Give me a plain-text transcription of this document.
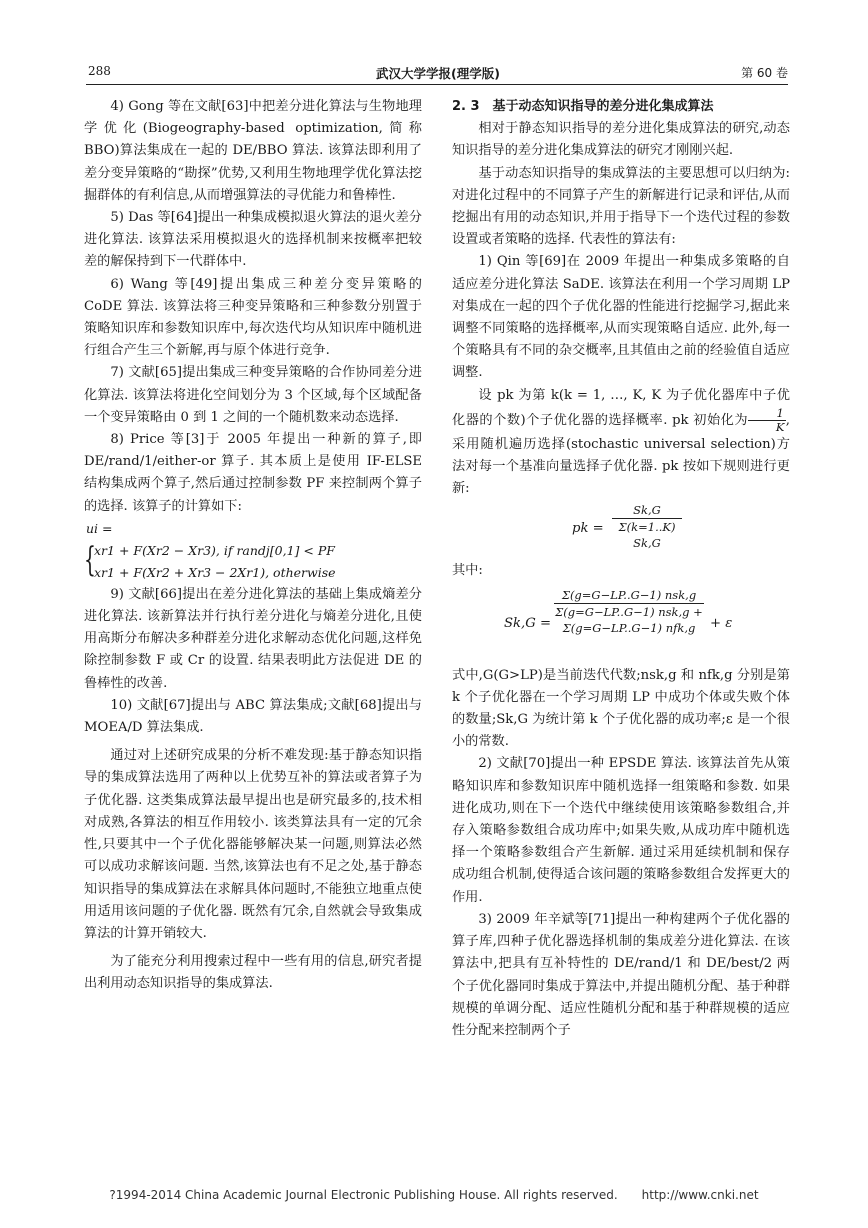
288	武汉大学学报(理学版)	第 60 卷

4) Gong 等在文献[63]中把差分进化算法与生物地理学优化(Biogeography-based optimization,简称 BBO)算法集成在一起的 DE/BBO 算法. 该算法即利用了差分变异策略的“勘探”优势,又利用生物地理学优化算法挖掘群体的有利信息,从而增强算法的寻优能力和鲁棒性.

5) Das 等[64]提出一种集成模拟退火算法的退火差分进化算法. 该算法采用模拟退火的选择机制来按概率把较差的解保持到下一代群体中.

6) Wang 等[49]提出集成三种差分变异策略的 CoDE 算法. 该算法将三种变异策略和三种参数分别置于策略知识库和参数知识库中,每次迭代均从知识库中随机进行组合产生三个新解,再与原个体进行竞争.

7) 文献[65]提出集成三种变异策略的合作协同差分进化算法. 该算法将进化空间划分为 3 个区域,每个区域配备一个变异策略由 0 到 1 之间的一个随机数来动态选择.

8) Price 等[3]于 2005 年提出一种新的算子,即 DE/rand/1/either-or 算子. 其本质上是使用 IF-ELSE 结构集成两个算子,然后通过控制参数 PF 来控制两个算子的选择. 该算子的计算如下:

ui =
{
xr1 + F(Xr2 − Xr3), if randj[0,1] < PF
xr1 + F(Xr2 + Xr3 − 2Xr1), otherwise

9) 文献[66]提出在差分进化算法的基础上集成熵差分进化算法. 该新算法并行执行差分进化与熵差分进化,且使用高斯分布解决多种群差分进化求解动态优化问题,这样免除控制参数 F 或 Cr 的设置. 结果表明此方法促进 DE 的鲁棒性的改善.

10) 文献[67]提出与 ABC 算法集成;文献[68]提出与 MOEA/D 算法集成.

通过对上述研究成果的分析不难发现:基于静态知识指导的集成算法选用了两种以上优势互补的算法或者算子为子优化器. 这类集成算法最早提出也是研究最多的,技术相对成熟,各算法的相互作用较小. 该类算法具有一定的冗余性,只要其中一个子优化器能够解决某一问题,则算法必然可以成功求解该问题. 当然,该算法也有不足之处,基于静态知识指导的集成算法在求解具体问题时,不能独立地重点使用适用该问题的子优化器. 既然有冗余,自然就会导致集成算法的计算开销较大.

为了能充分利用搜索过程中一些有用的信息,研究者提出利用动态知识指导的集成算法.

2. 3　基于动态知识指导的差分进化集成算法

相对于静态知识指导的差分进化集成算法的研究,动态知识指导的差分进化集成算法的研究才刚刚兴起.

基于动态知识指导的集成算法的主要思想可以归纳为:对进化过程中的不同算子产生的新解进行记录和评估,从而挖掘出有用的动态知识,并用于指导下一个迭代过程的参数设置或者策略的选择. 代表性的算法有:

1) Qin 等[69]在 2009 年提出一种集成多策略的自适应差分进化算法 SaDE. 该算法在利用一个学习周期 LP 对集成在一起的四个子优化器的性能进行挖掘学习,据此来调整不同策略的选择概率,从而实现策略自适应. 此外,每一个策略具有不同的杂交概率,且其值由之前的经验值自适应调整.

设 pk 为第 k(k = 1, …, K, K 为子优化器库中子优化器的个数)个子优化器的选择概率. pk 初始化为 $\frac{1}{K}$ ,采用随机遍历选择(stochastic universal selection)方法对每一个基准向量选择子优化器. pk 按如下规则进行更新:

pk = $\frac{Sk,G}{\Sigma(k=1..K) Sk,G}$

其中:

Sk,G =
Σ(g=G−LP..G−1) nsk,g
Σ(g=G−LP..G−1) nsk,g + Σ(g=G−LP..G−1) nfk,g	+ ε

式中,G(G>LP)是当前迭代代数;nsk,g 和 nfk,g 分别是第 k 个子优化器在一个学习周期 LP 中成功个体或失败个体的数量;Sk,G 为统计第 k 个子优化器的成功率;ε 是一个很小的常数.

2) 文献[70]提出一种 EPSDE 算法. 该算法首先从策略知识库和参数知识库中随机选择一组策略和参数. 如果进化成功,则在下一个迭代中继续使用该策略参数组合,并存入策略参数组合成功库中;如果失败,从成功库中随机选择一个策略参数组合产生新解. 通过采用延续机制和保存成功组合机制,使得适合该问题的策略参数组合发挥更大的作用.

3) 2009 年辛斌等[71]提出一种构建两个子优化器的算子库,四种子优化器选择机制的集成差分进化算法. 在该算法中,把具有互补特性的 DE/rand/1 和 DE/best/2 两个子优化器同时集成于算法中,并提出随机分配、基于种群规模的单调分配、适应性随机分配和基于种群规模的适应性分配来控制两个子

?1994-2014 China Academic Journal Electronic Publishing House. All rights reserved.　　http://www.cnki.net
